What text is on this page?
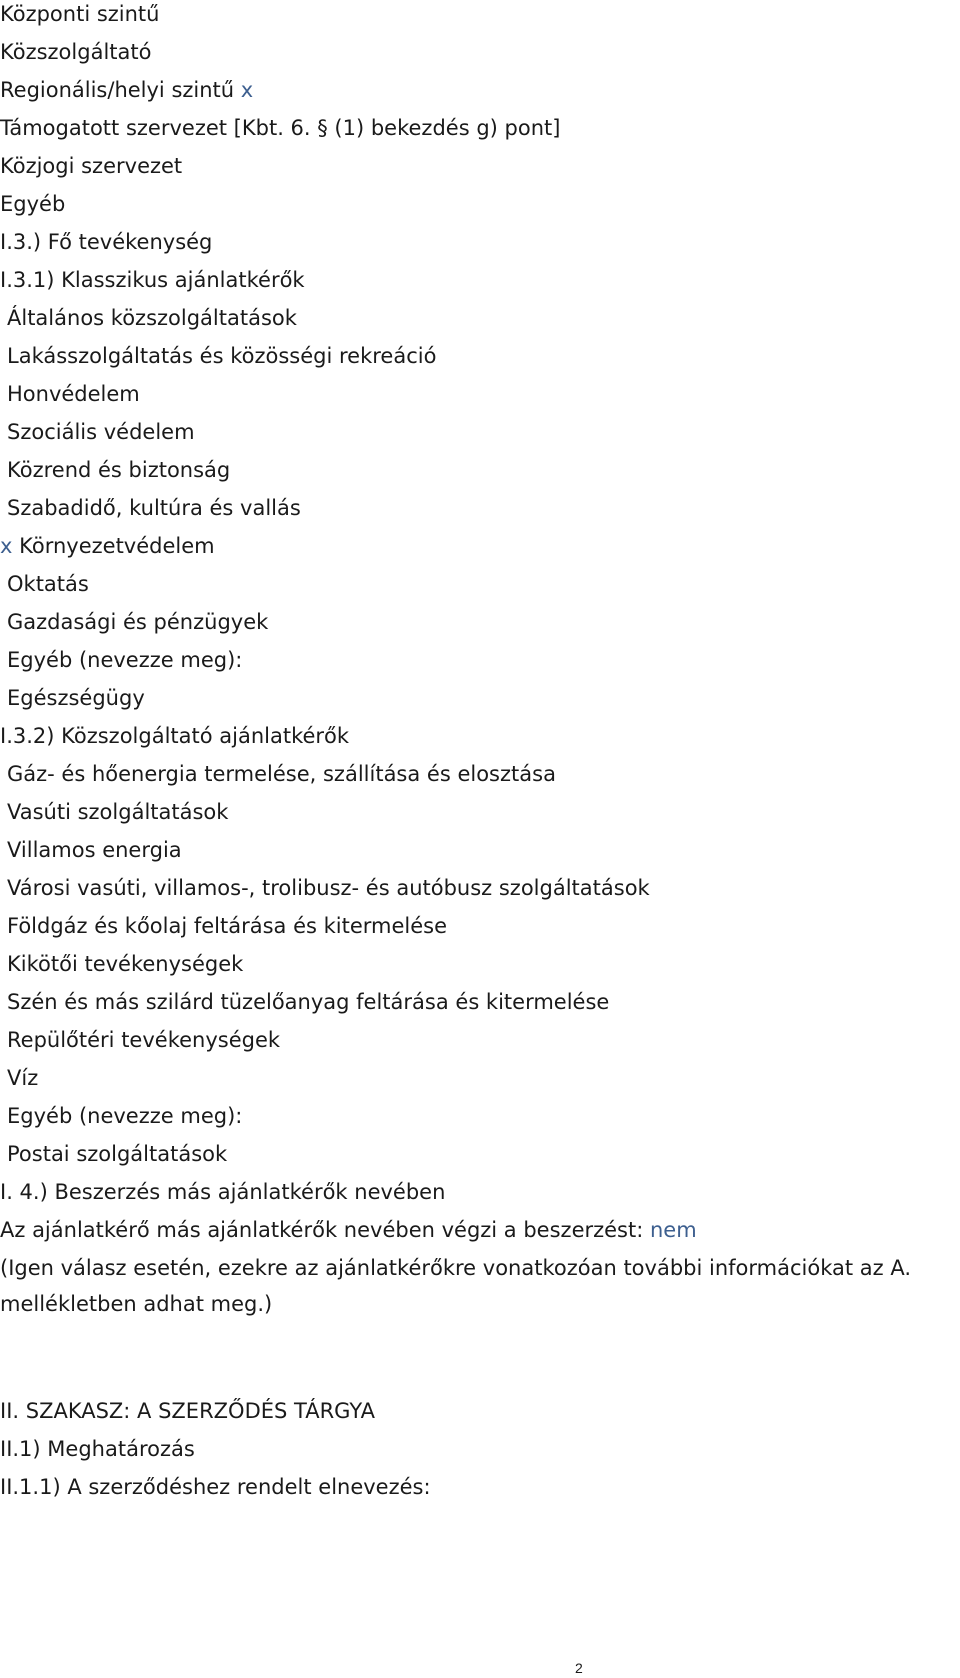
Központi szintű
Közszolgáltató
Regionális/helyi szintű x
Támogatott szervezet [Kbt. 6. § (1) bekezdés g) pont]
Közjogi szervezet
Egyéb
I.3.) Fő tevékenység
I.3.1) Klasszikus ajánlatkérők
Általános közszolgáltatások
Lakásszolgáltatás és közösségi rekreáció
Honvédelem
Szociális védelem
Közrend és biztonság
Szabadidő, kultúra és vallás
x Környezetvédelem
Oktatás
Gazdasági és pénzügyek
Egyéb (nevezze meg):
Egészségügy
I.3.2) Közszolgáltató ajánlatkérők
Gáz- és hőenergia termelése, szállítása és elosztása
Vasúti szolgáltatások
Villamos energia
Városi vasúti, villamos-, trolibusz- és autóbusz szolgáltatások
Földgáz és kőolaj feltárása és kitermelése
Kikötői tevékenységek
Szén és más szilárd tüzelőanyag feltárása és kitermelése
Repülőtéri tevékenységek
Víz
Egyéb (nevezze meg):
Postai szolgáltatások
I. 4.) Beszerzés más ajánlatkérők nevében
Az ajánlatkérő más ajánlatkérők nevében végzi a beszerzést: nem
(Igen válasz esetén, ezekre az ajánlatkérőkre vonatkozóan további információkat az A. mellékletben adhat meg.)
II. SZAKASZ: A SZERZŐDÉS TÁRGYA
II.1) Meghatározás
II.1.1) A szerződéshez rendelt elnevezés:
2
